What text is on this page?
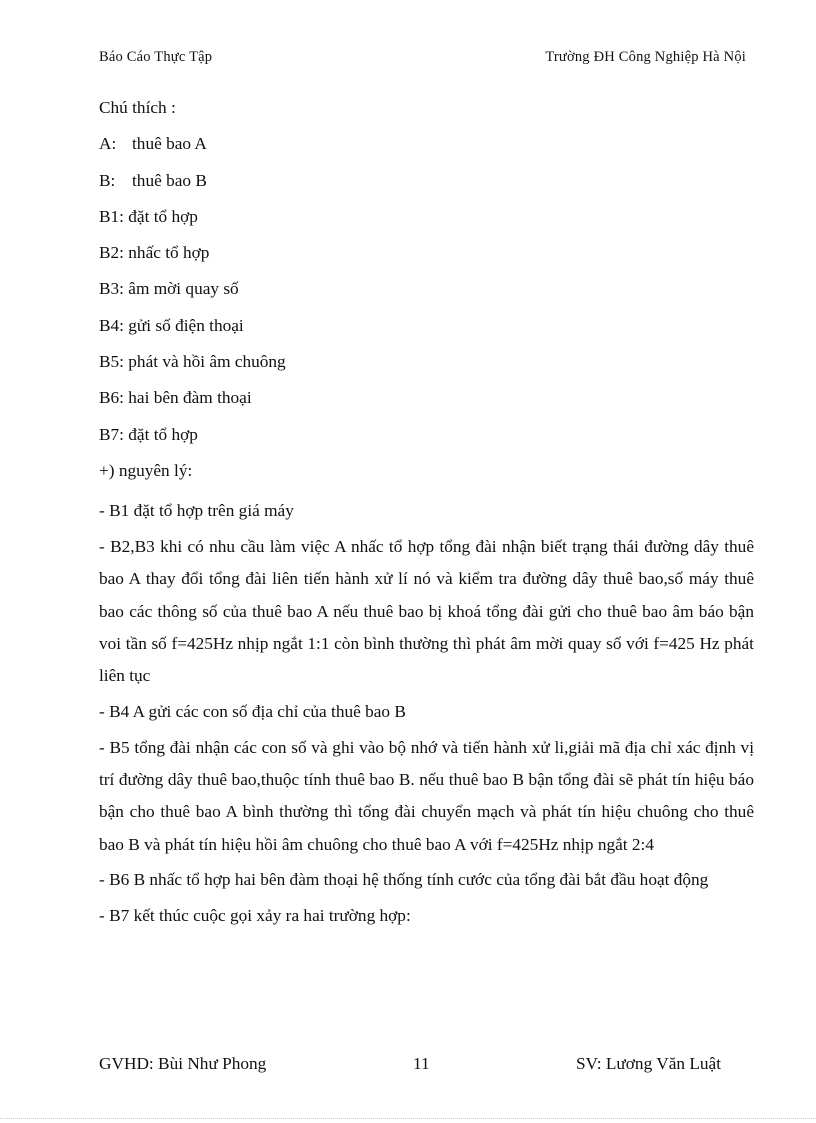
Báo Cáo Thực Tập	Trường ĐH Công Nghiệp Hà Nội
Chú thích :
A: thuê bao A
B: thuê bao B
B1: đặt tổ hợp
B2: nhấc tổ hợp
B3: âm mời quay số
B4: gửi số điện thoại
B5: phát và hồi âm chuông
B6: hai bên đàm thoại
B7: đặt tổ hợp
+) nguyên lý:
- B1 đặt tổ hợp trên giá máy
- B2,B3 khi có nhu cầu làm việc A nhấc tổ hợp tổng đài nhận biết trạng thái đường dây thuê bao A thay đổi tổng đài liên tiến hành xử lí nó và kiểm tra đường dây thuê bao,số máy thuê bao các thông số của thuê bao A nếu thuê bao bị khoá tổng đài gửi cho thuê bao âm báo bận voi tần số f=425Hz nhịp ngắt 1:1 còn bình thường thì phát âm mời quay số với f=425 Hz phát liên tục
- B4 A gửi các con số địa chỉ của thuê bao B
- B5 tổng đài nhận các con số và ghi vào bộ nhớ và tiến hành xử li,giải mã địa chỉ xác định vị trí đường dây thuê bao,thuộc tính thuê bao B. nếu thuê bao B bận tổng đài sẽ phát tín hiệu báo bận cho thuê bao A bình thường thì tổng đài chuyển mạch và phát tín hiệu chuông cho thuê bao B và phát tín hiệu hồi âm chuông cho thuê bao A với f=425Hz nhịp ngắt 2:4
- B6 B nhấc tổ hợp hai bên đàm thoại hệ thống tính cước của tổng đài bắt đầu hoạt động
- B7 kết thúc cuộc gọi xảy ra hai trường hợp:
GVHD: Bùi Như Phong	11	SV: Lương Văn Luật
